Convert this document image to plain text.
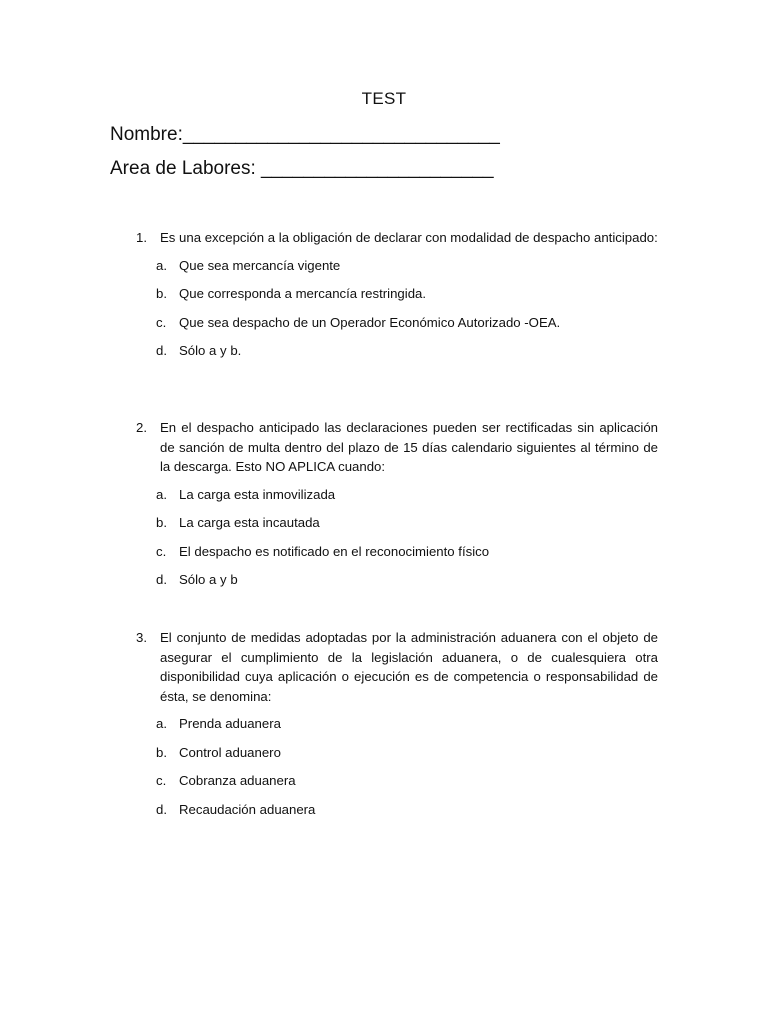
TEST
Nombre:______________________________
Area de Labores: ______________________
1. Es una excepción a la obligación de declarar con modalidad de despacho anticipado:
a. Que sea mercancía vigente
b. Que corresponda a mercancía restringida.
c. Que sea despacho de un Operador Económico Autorizado -OEA.
d. Sólo a y b.
2. En el despacho anticipado las declaraciones pueden ser rectificadas sin aplicación de sanción de multa dentro del plazo de 15 días calendario siguientes al término de la descarga. Esto NO APLICA cuando:
a. La carga esta inmovilizada
b. La carga esta incautada
c. El despacho es notificado en el reconocimiento físico
d. Sólo a y b
3. El conjunto de medidas adoptadas por la administración aduanera con el objeto de asegurar el cumplimiento de la legislación aduanera, o de cualesquiera otra disponibilidad cuya aplicación o ejecución es de competencia o responsabilidad de ésta, se denomina:
a. Prenda aduanera
b. Control aduanero
c. Cobranza aduanera
d. Recaudación aduanera
